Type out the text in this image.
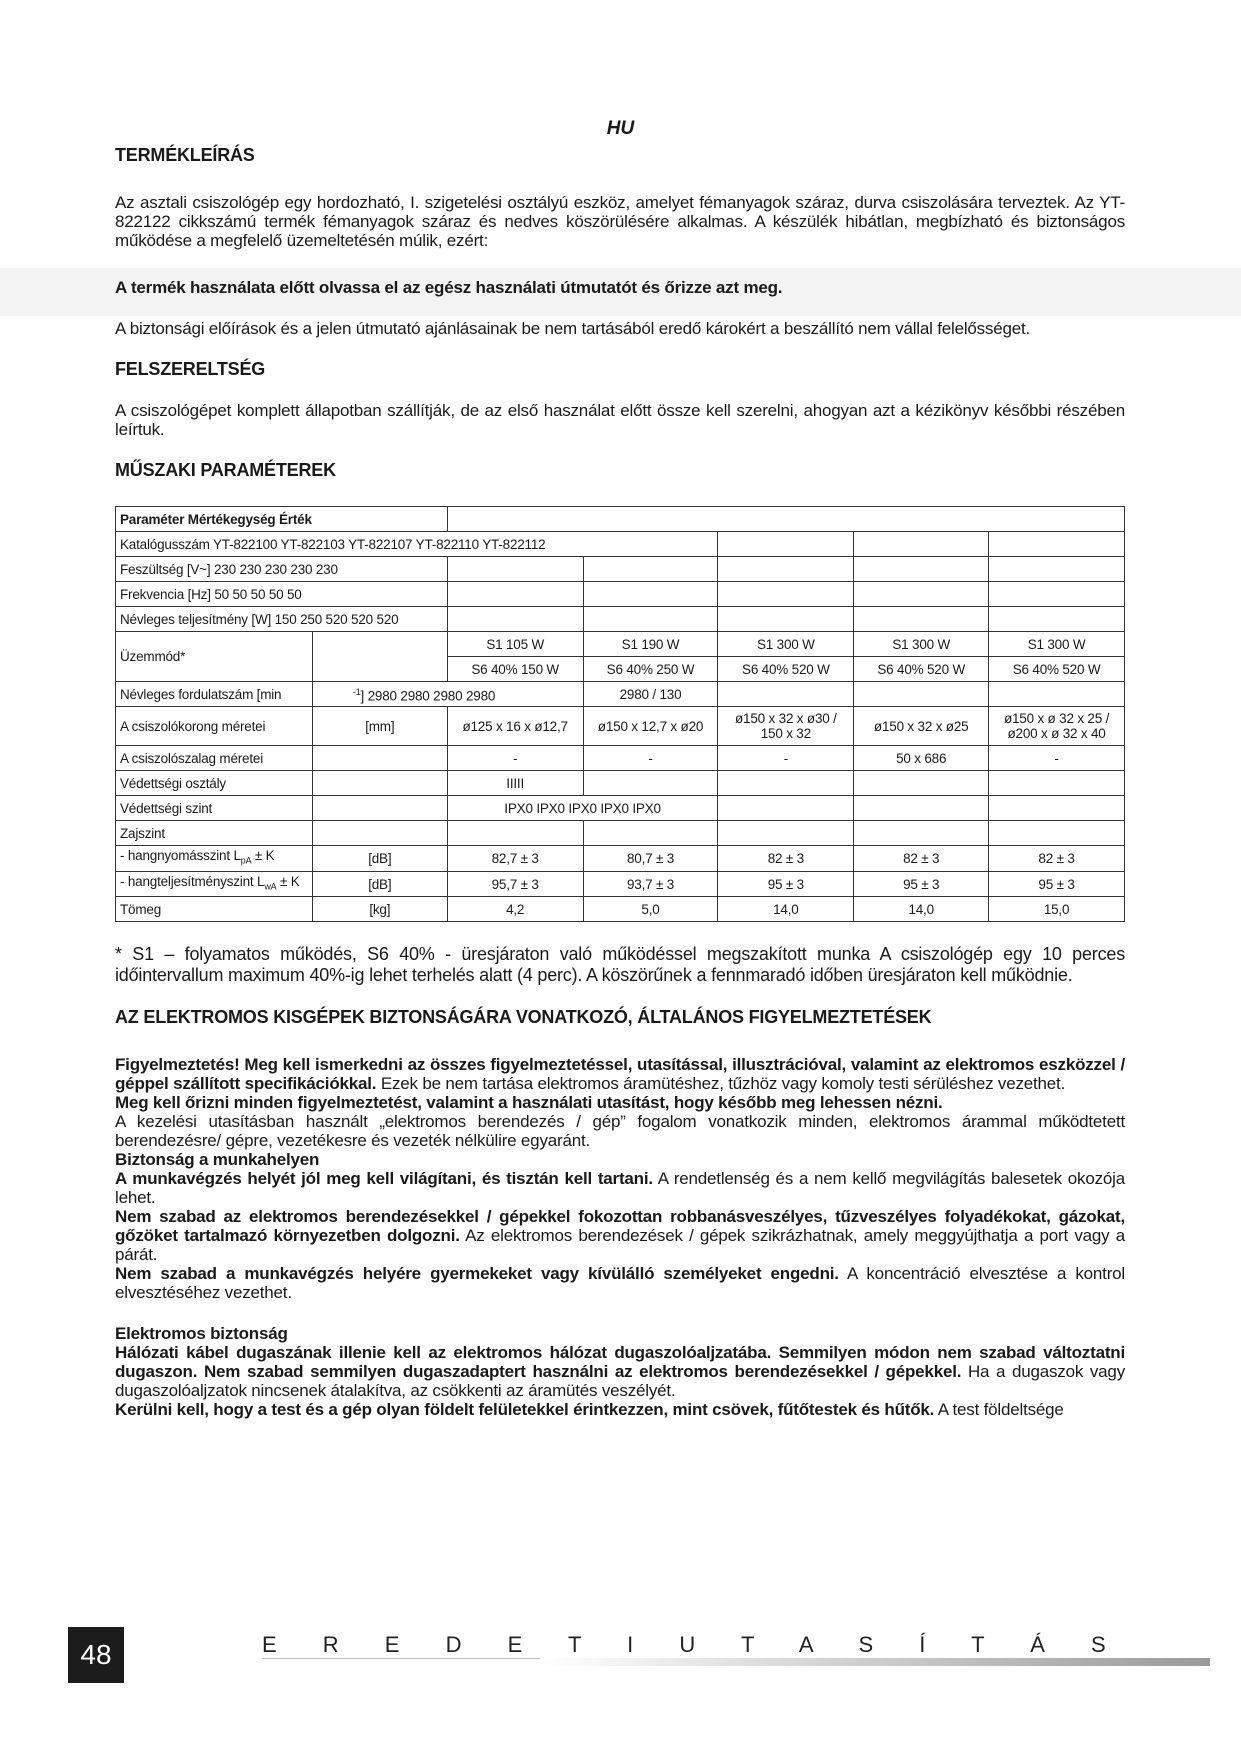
HU
TERMÉKLEÍRÁS

Az asztali csiszológép egy hordozható, I. szigetelési osztályú eszköz, amelyet fémanyagok száraz, durva csiszolására terveztek. Az YT-822122 cikkszámú termék fémanyagok száraz és nedves köszörülésére alkalmas. A készülék hibátlan, megbízható és biztonságos működése a megfelelő üzemeltetésén múlik, ezért:

A termék használata előtt olvassa el az egész használati útmutatót és őrizze azt meg.

A biztonsági előírások és a jelen útmutató ajánlásainak be nem tartásából eredő károkért a beszállító nem vállal felelősséget.

FELSZERELTSÉG

A csiszológépet komplett állapotban szállítják, de az első használat előtt össze kell szerelni, ahogyan azt a kézikönyv későbbi részében leírtuk.

MŰSZAKI PARAMÉTEREK
Paraméter Mértékegység Érték						
Katalógusszám YT-822100 YT-822103 YT-822107 YT-822110 YT-822112						
Feszültség [V~] 230 230 230 230 230						
Frekvencia [Hz] 50 50 50 50 50						
Névleges teljesítmény [W] 150 250 520 520 520						
Üzemmód*		S1 105 W	S1 190 W	S1 300 W	S1 300 W	S1 300 W
		S6 40% 150 W	S6 40% 250 W	S6 40% 520 W	S6 40% 520 W	S6 40% 520 W
Névleges fordulatszám [min	$^{-1}$] 2980 2980 2980 2980		2980 / 130			
A csiszolókorong méretei	[mm]	ø125 x 16 x ø12,7	ø150 x 12,7 x ø20	ø150 x 32 x ø30 / 150 x 32	ø150 x 32 x ø25	ø150 x ø 32 x 25 / ø200 x ø 32 x 40
A csiszolószalag méretei		-	-	-	50 x 686	-
Védettségi osztály		IIIII				
Védettségi szint		IPX0 IPX0 IPX0 IPX0 IPX0				
Zajszint						
- hangnyomásszint $L_{pA} \pm K$	[dB]	82,7 ± 3	80,7 ± 3	82 ± 3	82 ± 3	82 ± 3
- hangteljesítményszint $L_{wA} \pm K$	[dB]	95,7 ± 3	93,7 ± 3	95 ± 3	95 ± 3	95 ± 3
Tömeg	[kg]	4,2	5,0	14,0	14,0	15,0

* S1 – folyamatos működés, S6 40% - üresjáraton való működéssel megszakított munka A csiszológép egy 10 perces időintervallum maximum 40%-ig lehet terhelés alatt (4 perc). A köszörűnek a fennmaradó időben üresjáraton kell működnie.

AZ ELEKTROMOS KISGÉPEK BIZTONSÁGÁRA VONATKOZÓ, ÁLTALÁNOS FIGYELMEZTETÉSEK

Figyelmeztetés! Meg kell ismerkedni az összes figyelmeztetéssel, utasítással, illusztrációval, valamint az elektromos eszközzel / géppel szállított specifikációkkal. Ezek be nem tartása elektromos áramütéshez, tűzhöz vagy komoly testi sérüléshez vezethet.

Meg kell őrizni minden figyelmeztetést, valamint a használati utasítást, hogy később meg lehessen nézni.

A kezelési utasításban használt „elektromos berendezés / gép” fogalom vonatkozik minden, elektromos árammal működtetett berendezésre/ gépre, vezetékesre és vezeték nélkülire egyaránt.

Biztonság a munkahelyen

A munkavégzés helyét jól meg kell világítani, és tisztán kell tartani. A rendetlenség és a nem kellő megvilágítás balesetek okozója lehet.

Nem szabad az elektromos berendezésekkel / gépekkel fokozottan robbanásveszélyes, tűzveszélyes folyadékokat, gázokat, gőzöket tartalmazó környezetben dolgozni. Az elektromos berendezések / gépek szikrázhatnak, amely meggyújthatja a port vagy a párát.

Nem szabad a munkavégzés helyére gyermekeket vagy kívülálló személyeket engedni. A koncentráció elvesztése a kontrol elvesztéséhez vezethet.

Elektromos biztonság

Hálózati kábel dugaszának illenie kell az elektromos hálózat dugaszolóaljzatába. Semmilyen módon nem szabad változtatni dugaszon. Nem szabad semmilyen dugaszadaptert használni az elektromos berendezésekkel / gépekkel. Ha a dugaszok vagy dugaszolóaljzatok nincsenek átalakítva, az csökkenti az áramütés veszélyét.

Kerülni kell, hogy a test és a gép olyan földelt felületekkel érintkezzen, mint csövek, fűtőtestek és hűtők. A test földeltsége

48	E R E D E T I U T A S Í T Á S
